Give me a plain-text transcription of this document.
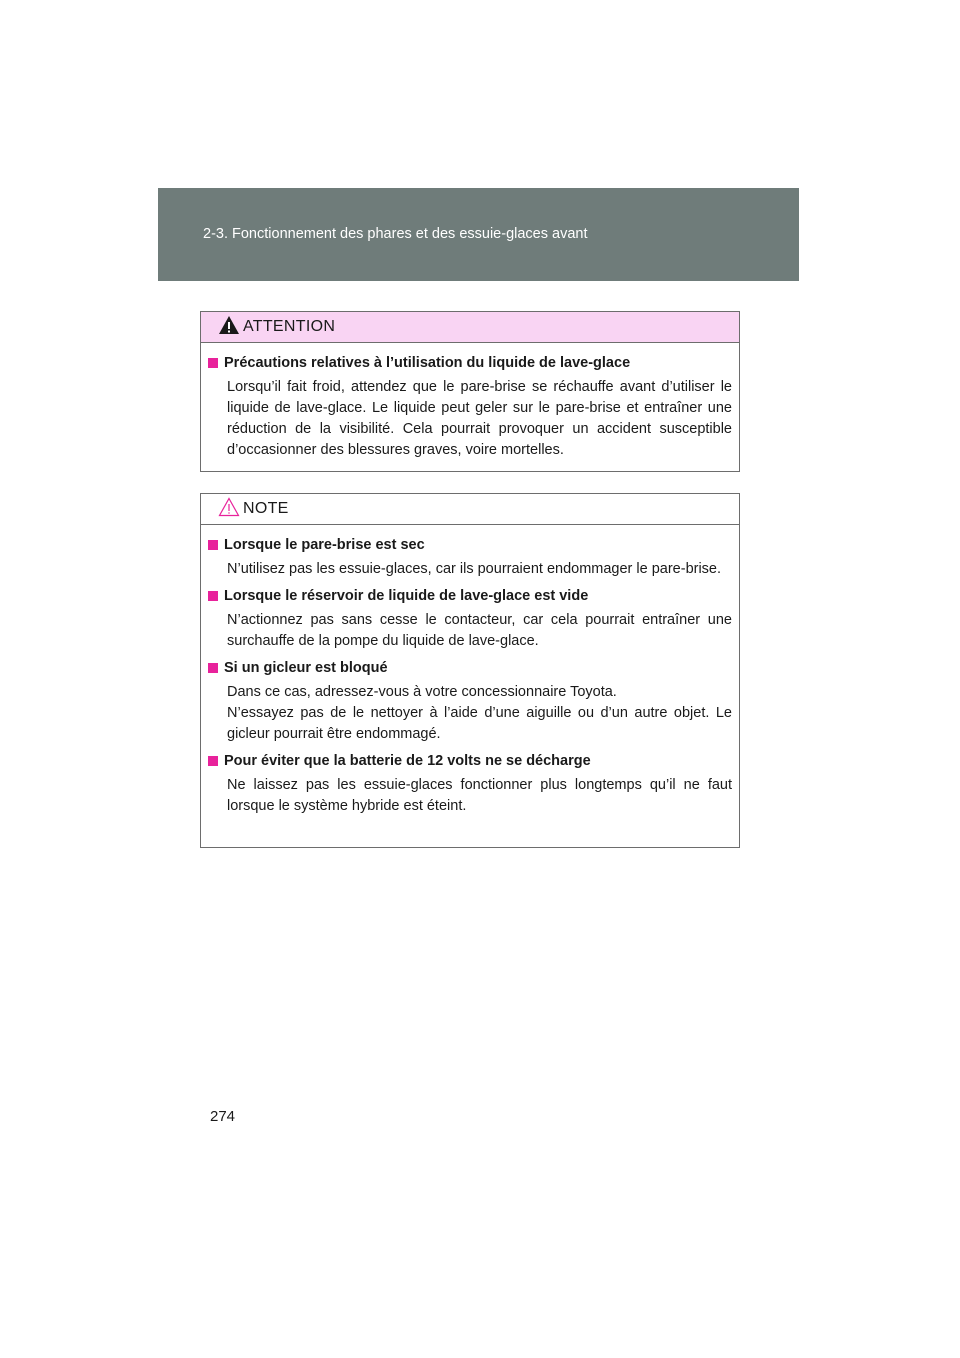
2-3. Fonctionnement des phares et des essuie-glaces avant
ATTENTION
Précautions relatives à l’utilisation du liquide de lave-glace
Lorsqu’il fait froid, attendez que le pare-brise se réchauffe avant d’utiliser le liquide de lave-glace. Le liquide peut geler sur le pare-brise et entraîner une réduction de la visibilité. Cela pourrait provoquer un accident susceptible d’occasionner des blessures graves, voire mortelles.
NOTE
Lorsque le pare-brise est sec
N’utilisez pas les essuie-glaces, car ils pourraient endommager le pare-brise.
Lorsque le réservoir de liquide de lave-glace est vide
N’actionnez pas sans cesse le contacteur, car cela pourrait entraîner une surchauffe de la pompe du liquide de lave-glace.
Si un gicleur est bloqué
Dans ce cas, adressez-vous à votre concessionnaire Toyota.
N’essayez pas de le nettoyer à l’aide d’une aiguille ou d’un autre objet. Le gicleur pourrait être endommagé.
Pour éviter que la batterie de 12 volts ne se décharge
Ne laissez pas les essuie-glaces fonctionner plus longtemps qu’il ne faut lorsque le système hybride est éteint.
274
